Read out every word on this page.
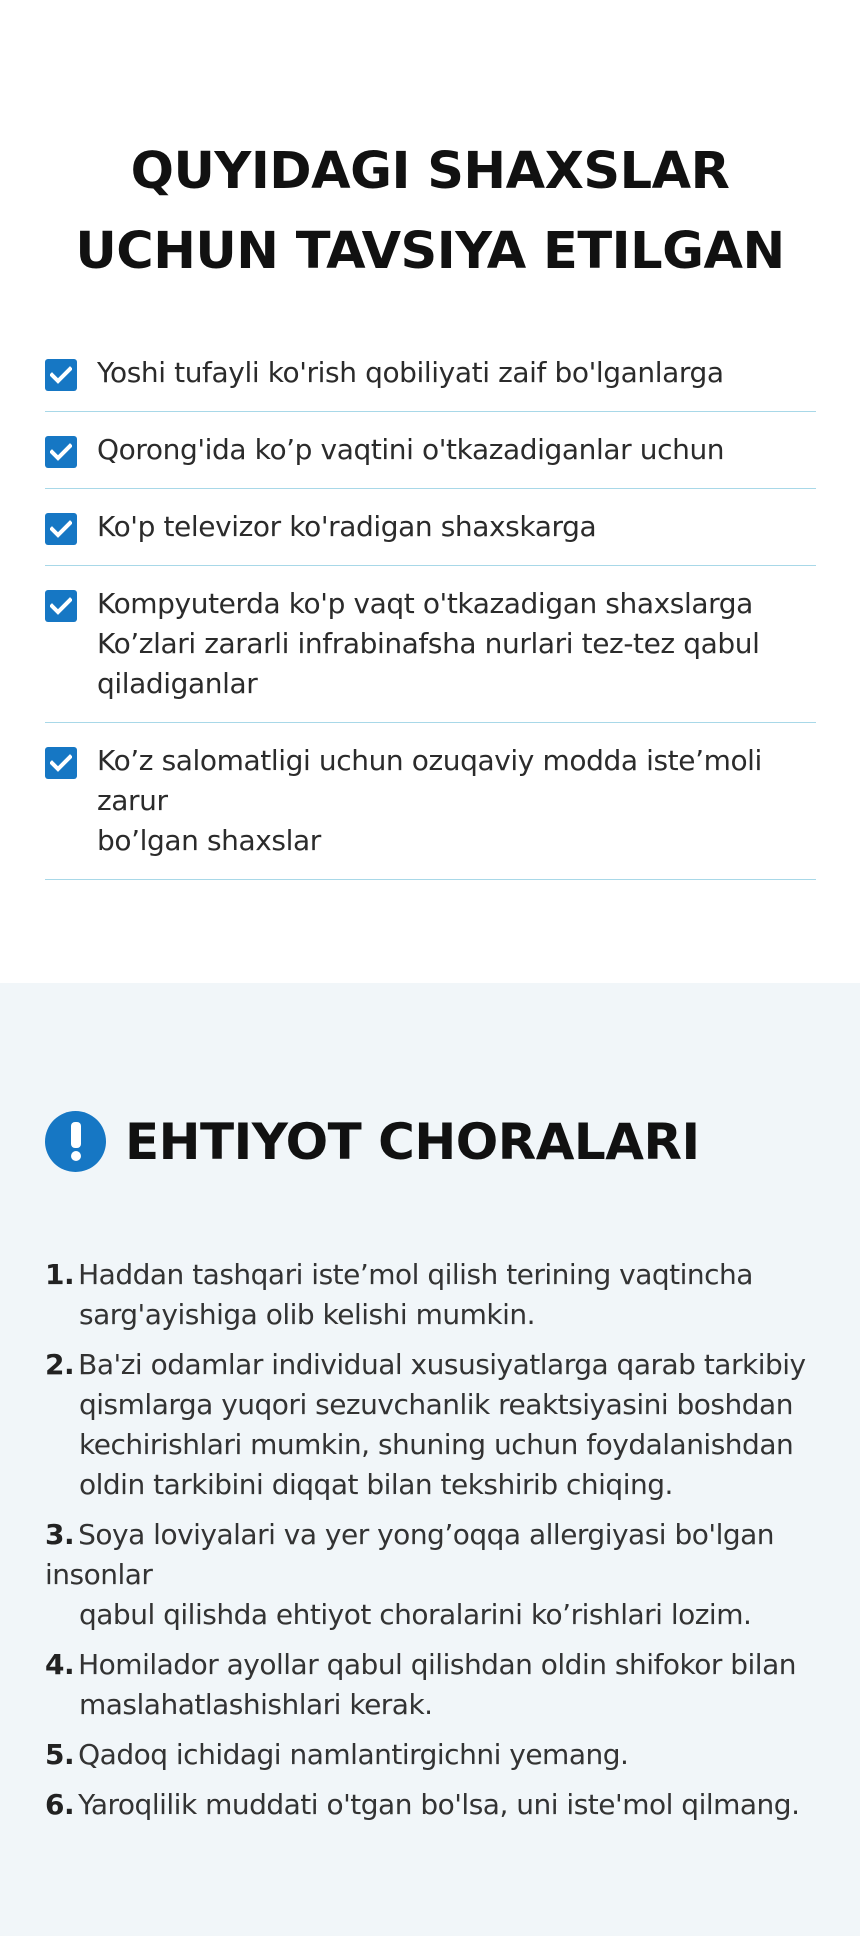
QUYIDAGI SHAXSLAR
UCHUN TAVSIYA ETILGAN
Yoshi tufayli ko'rish qobiliyati zaif bo'lganlarga
Qorong'ida ko’p vaqtini o'tkazadiganlar uchun
Ko'p televizor ko'radigan shaxskarga
Kompyuterda ko'p vaqt o'tkazadigan shaxslarga
Ko’zlari zararli infrabinafsha nurlari tez-tez qabul
qiladiganlar
Ko’z salomatligi uchun ozuqaviy modda iste’moli zarur
bo’lgan shaxslar
EHTIYOT CHORALARI
1. Haddan tashqari iste’mol qilish terining vaqtincha
sarg'ayishiga olib kelishi mumkin.
2. Ba'zi odamlar individual xususiyatlarga qarab tarkibiy
qismlarga yuqori sezuvchanlik reaktsiyasini boshdan
kechirishlari mumkin, shuning uchun foydalanishdan
oldin tarkibini diqqat bilan tekshirib chiqing.
3. Soya loviyalari va yer yong’oqqa allergiyasi bo'lgan insonlar
qabul qilishda ehtiyot choralarini ko’rishlari lozim.
4. Homilador ayollar qabul qilishdan oldin shifokor bilan
maslahatlashishlari kerak.
5. Qadoq ichidagi namlantirgichni yemang.
6. Yaroqlilik muddati o'tgan bo'lsa, uni iste'mol qilmang.
